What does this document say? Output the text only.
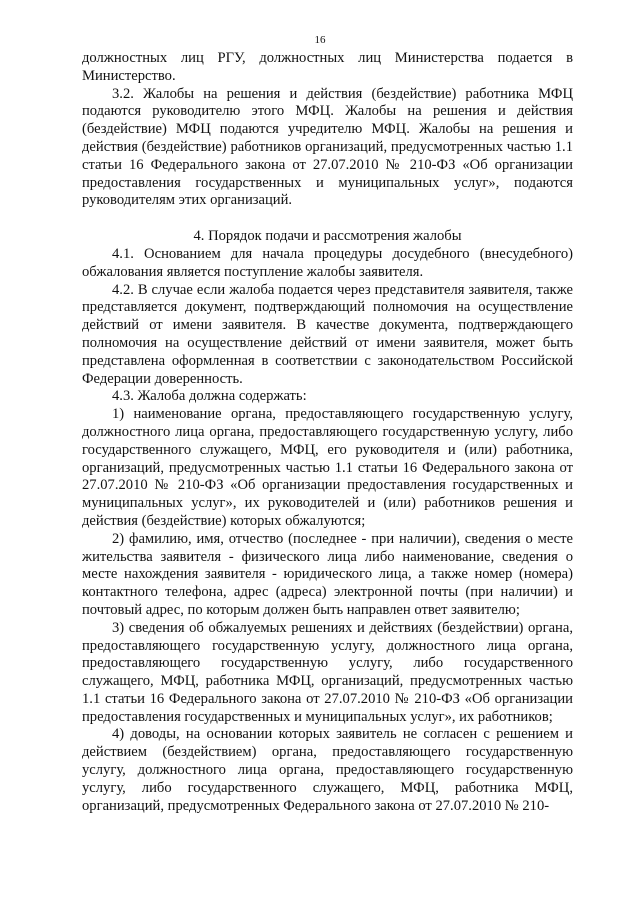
16

должностных лиц РГУ, должностных лиц Министерства подается в Министерство.

3.2. Жалобы на решения и действия (бездействие) работника МФЦ подаются руководителю этого МФЦ. Жалобы на решения и действия (бездействие) МФЦ подаются учредителю МФЦ. Жалобы на решения и действия (бездействие) работников организаций, предусмотренных частью 1.1 статьи 16 Федерального закона от 27.07.2010 № 210-ФЗ «Об организации предоставления государственных и муниципальных услуг», подаются руководителям этих организаций.

4. Порядок подачи и рассмотрения жалобы

4.1. Основанием для начала процедуры досудебного (внесудебного) обжалования является поступление жалобы заявителя.

4.2. В случае если жалоба подается через представителя заявителя, также представляется документ, подтверждающий полномочия на осуществление действий от имени заявителя. В качестве документа, подтверждающего полномочия на осуществление действий от имени заявителя, может быть представлена оформленная в соответствии с законодательством Российской Федерации доверенность.

4.3. Жалоба должна содержать:

1) наименование органа, предоставляющего государственную услугу, должностного лица органа, предоставляющего государственную услугу, либо государственного служащего, МФЦ, его руководителя и (или) работника, организаций, предусмотренных частью 1.1 статьи 16 Федерального закона от 27.07.2010 № 210-ФЗ «Об организации предоставления государственных и муниципальных услуг», их руководителей и (или) работников решения и действия (бездействие) которых обжалуются;

2) фамилию, имя, отчество (последнее - при наличии), сведения о месте жительства заявителя - физического лица либо наименование, сведения о месте нахождения заявителя - юридического лица, а также номер (номера) контактного телефона, адрес (адреса) электронной почты (при наличии) и почтовый адрес, по которым должен быть направлен ответ заявителю;

3) сведения об обжалуемых решениях и действиях (бездействии) органа, предоставляющего государственную услугу, должностного лица органа, предоставляющего государственную услугу, либо государственного служащего, МФЦ, работника МФЦ, организаций, предусмотренных частью 1.1 статьи 16 Федерального закона от 27.07.2010 № 210-ФЗ «Об организации предоставления государственных и муниципальных услуг», их работников;

4) доводы, на основании которых заявитель не согласен с решением и действием (бездействием) органа, предоставляющего государственную услугу, должностного лица органа, предоставляющего государственную услугу, либо государственного служащего, МФЦ, работника МФЦ, организаций, предусмотренных Федерального закона от 27.07.2010 № 210-
